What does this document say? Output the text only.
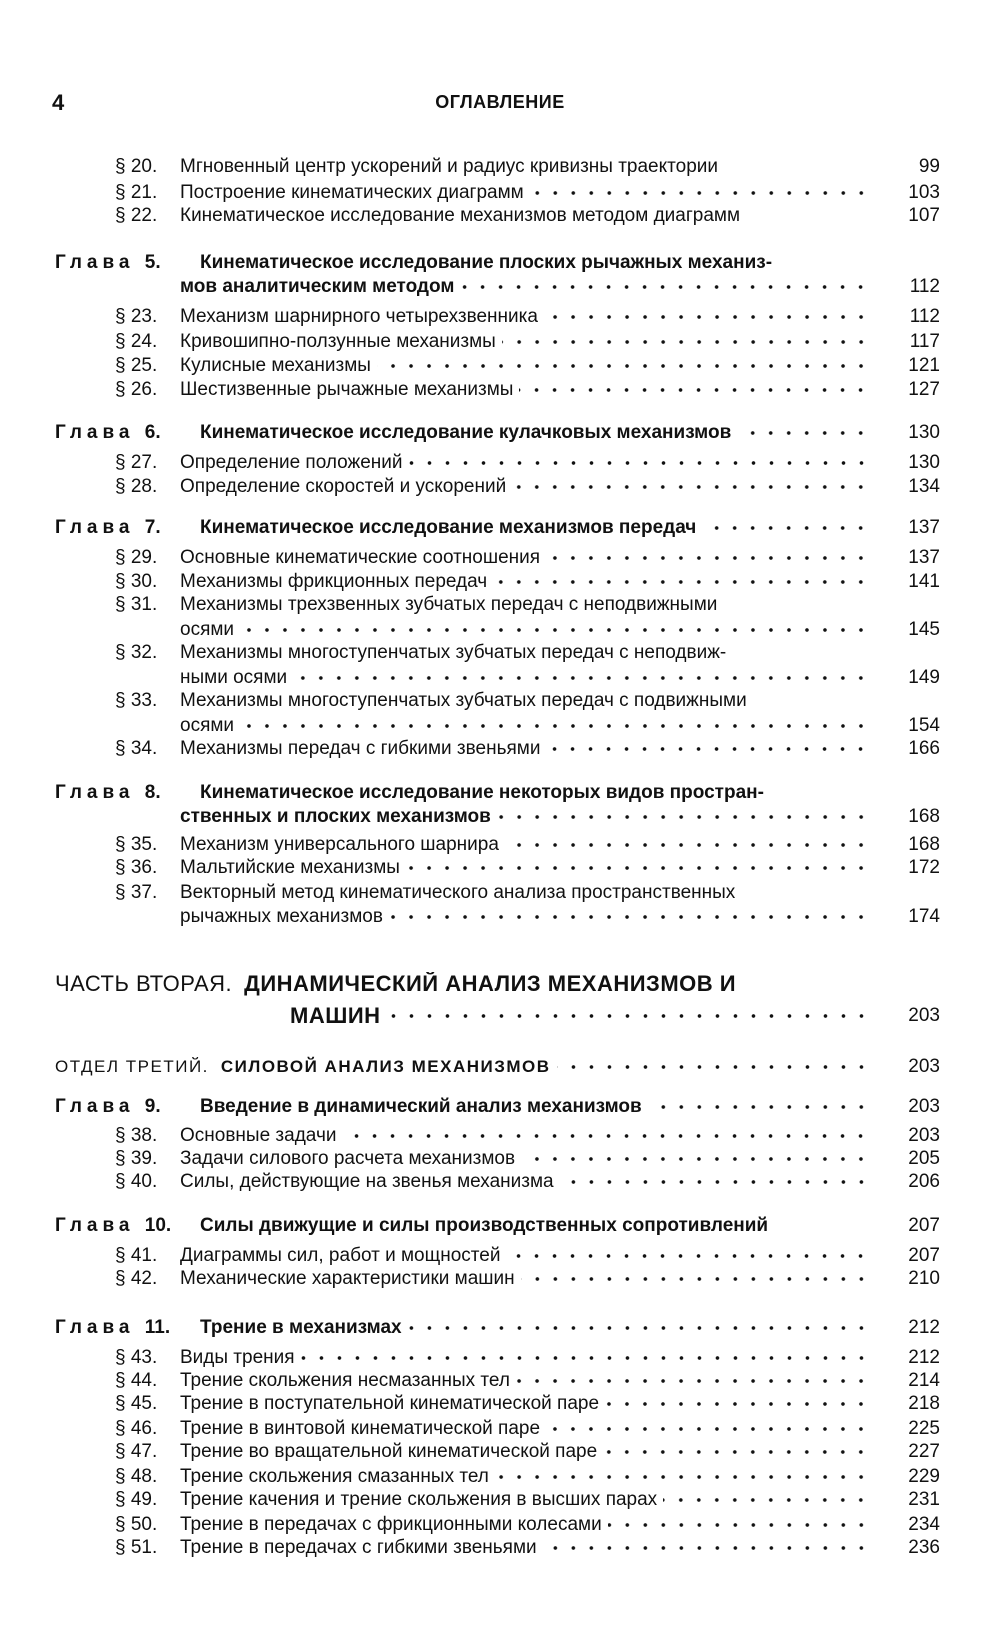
4	ОГЛАВЛЕНИЕ
§ 20. Мгновенный центр ускорений и радиус кривизны траектории	99
§ 21. Построение кинематических диаграмм	103
§ 22. Кинематическое исследование механизмов методом диаграмм	107
Глава 5.	Кинематическое исследование плоских рычажных механиз-
мов аналитическим методом	112
§ 23. Механизм шарнирного четырехзвенника	112
§ 24. Кривошипно-ползунные механизмы	117
§ 25. Кулисные механизмы	121
§ 26. Шестизвенные рычажные механизмы	127
Глава 6.	Кинематическое исследование кулачковых механизмов	130
§ 27. Определение положений	130
§ 28. Определение скоростей и ускорений	134
Глава 7.	Кинематическое исследование механизмов передач	137
§ 29. Основные кинематические соотношения	137
§ 30. Механизмы фрикционных передач	141
§ 31. Механизмы трехзвенных зубчатых передач с неподвижными
осями	145
§ 32. Механизмы многоступенчатых зубчатых передач с неподвиж-
ными осями	149
§ 33. Механизмы многоступенчатых зубчатых передач с подвижными
осями	154
§ 34. Механизмы передач с гибкими звеньями	166
Глава 8.	Кинематическое исследование некоторых видов простран-
ственных и плоских механизмов	168
§ 35. Механизм универсального шарнира	168
§ 36. Мальтийские механизмы	172
§ 37. Векторный метод кинематического анализа пространственных
рычажных механизмов	174
ЧАСТЬ ВТОРАЯ. ДИНАМИЧЕСКИЙ АНАЛИЗ МЕХАНИЗМОВ И
МАШИН	203
ОТДЕЛ ТРЕТИЙ. СИЛОВОЙ АНАЛИЗ МЕХАНИЗМОВ	203
Глава 9.	Введение в динамический анализ механизмов	203
§ 38. Основные задачи	203
§ 39. Задачи силового расчета механизмов	205
§ 40. Силы, действующие на звенья механизма	206
Глава 10.	Силы движущие и силы производственных сопротивлений	207
§ 41. Диаграммы сил, работ и мощностей	207
§ 42. Механические характеристики машин	210
Глава 11.	Трение в механизмах	212
§ 43. Виды трения	212
§ 44. Трение скольжения несмазанных тел	214
§ 45. Трение в поступательной кинематической паре	218
§ 46. Трение в винтовой кинематической паре	225
§ 47. Трение во вращательной кинематической паре	227
§ 48. Трение скольжения смазанных тел	229
§ 49. Трение качения и трение скольжения в высших парах	231
§ 50. Трение в передачах с фрикционными колесами	234
§ 51. Трение в передачах с гибкими звеньями	236
